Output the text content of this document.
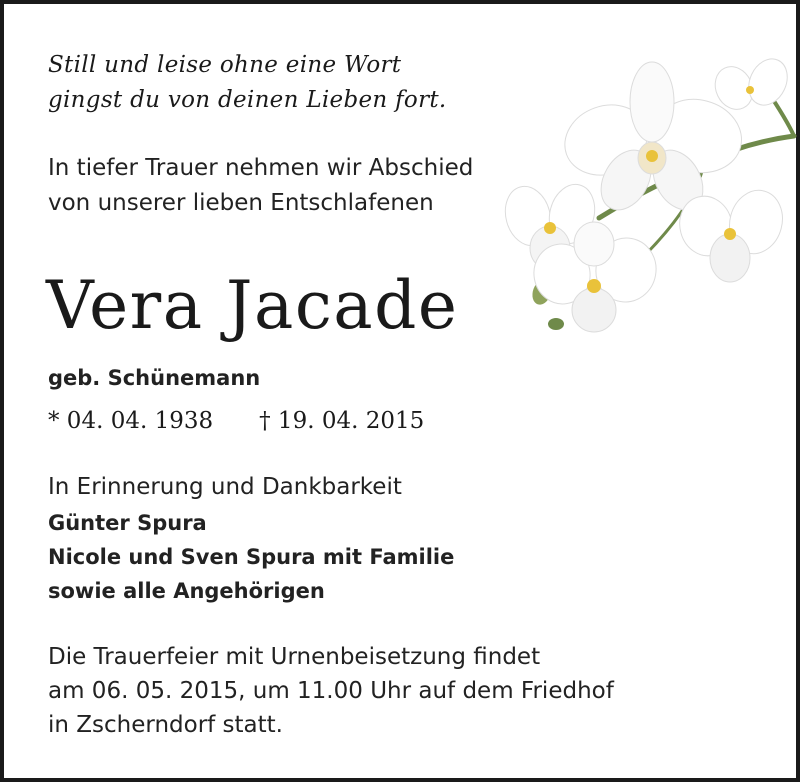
Still und leise ohne eine Wort
gingst du von deinen Lieben fort.
In tiefer Trauer nehmen wir Abschied
von unserer lieben Entschlafenen
Vera Jacade
geb. Schünemann
* 04. 04. 1938 † 19. 04. 2015
In Erinnerung und Dankbarkeit
Günter Spura
Nicole und Sven Spura mit Familie
sowie alle Angehörigen
Die Trauerfeier mit Urnenbeisetzung findet
am 06. 05. 2015, um 11.00 Uhr auf dem Friedhof
in Zscherndorf statt.
